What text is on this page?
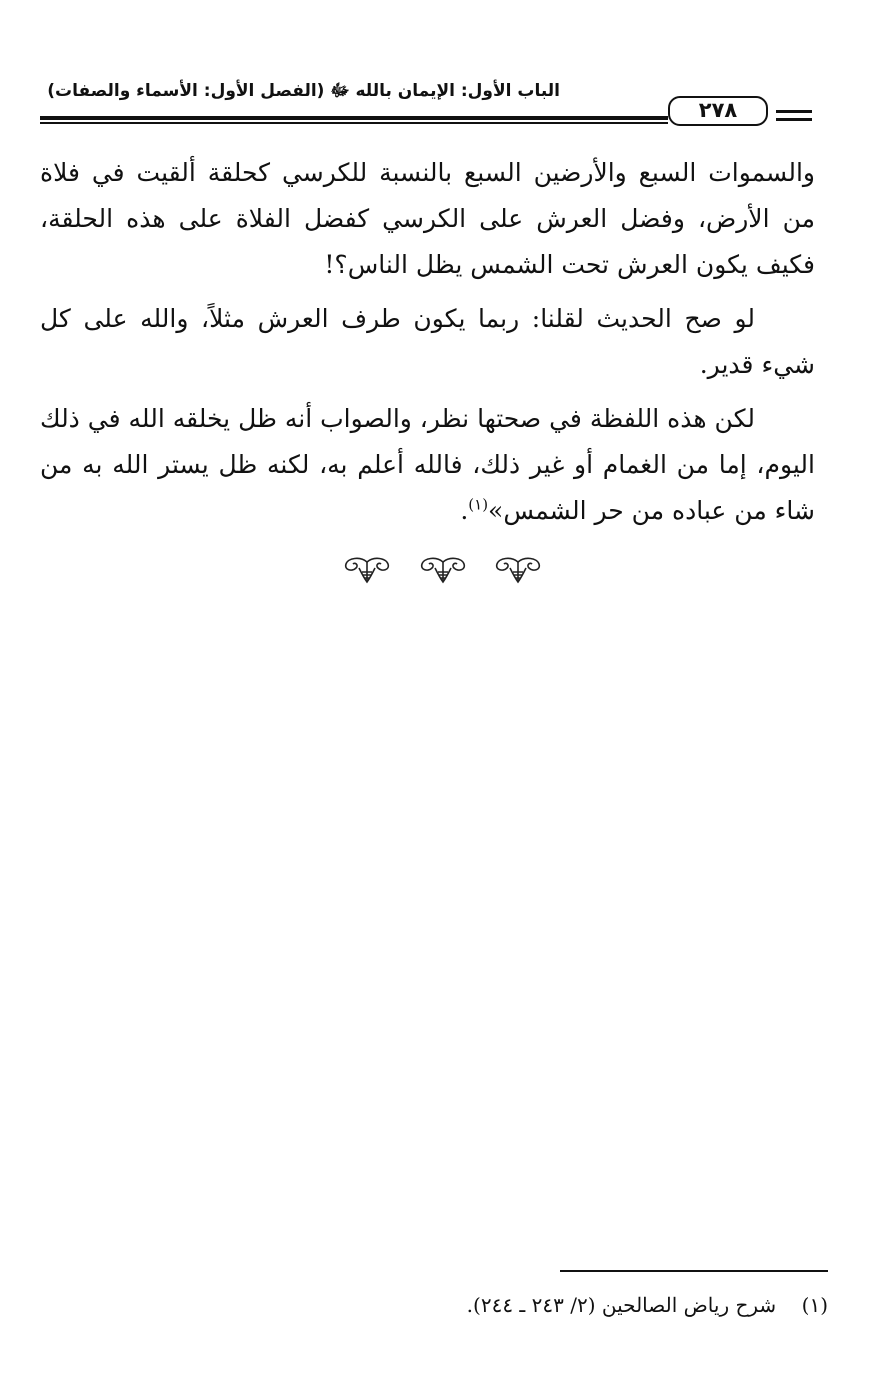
الباب الأول: الإيمان بالله ﷻ (الفصل الأول: الأسماء والصفات)
٢٧٨

والسموات السبع والأرضين السبع بالنسبة للكرسي كحلقة ألقيت في فلاة من الأرض، وفضل العرش على الكرسي كفضل الفلاة على هذه الحلقة، فكيف يكون العرش تحت الشمس يظل الناس؟!

لو صح الحديث لقلنا: ربما يكون طرف العرش مثلاً، والله على كل شيء قدير.

لكن هذه اللفظة في صحتها نظر، والصواب أنه ظل يخلقه الله في ذلك اليوم، إما من الغمام أو غير ذلك، فالله أعلم به، لكنه ظل يستر الله به من شاء من عباده من حر الشمس»$^{(١)}$.

(١)    شرح رياض الصالحين (٢/ ٢٤٣ ـ ٢٤٤).
